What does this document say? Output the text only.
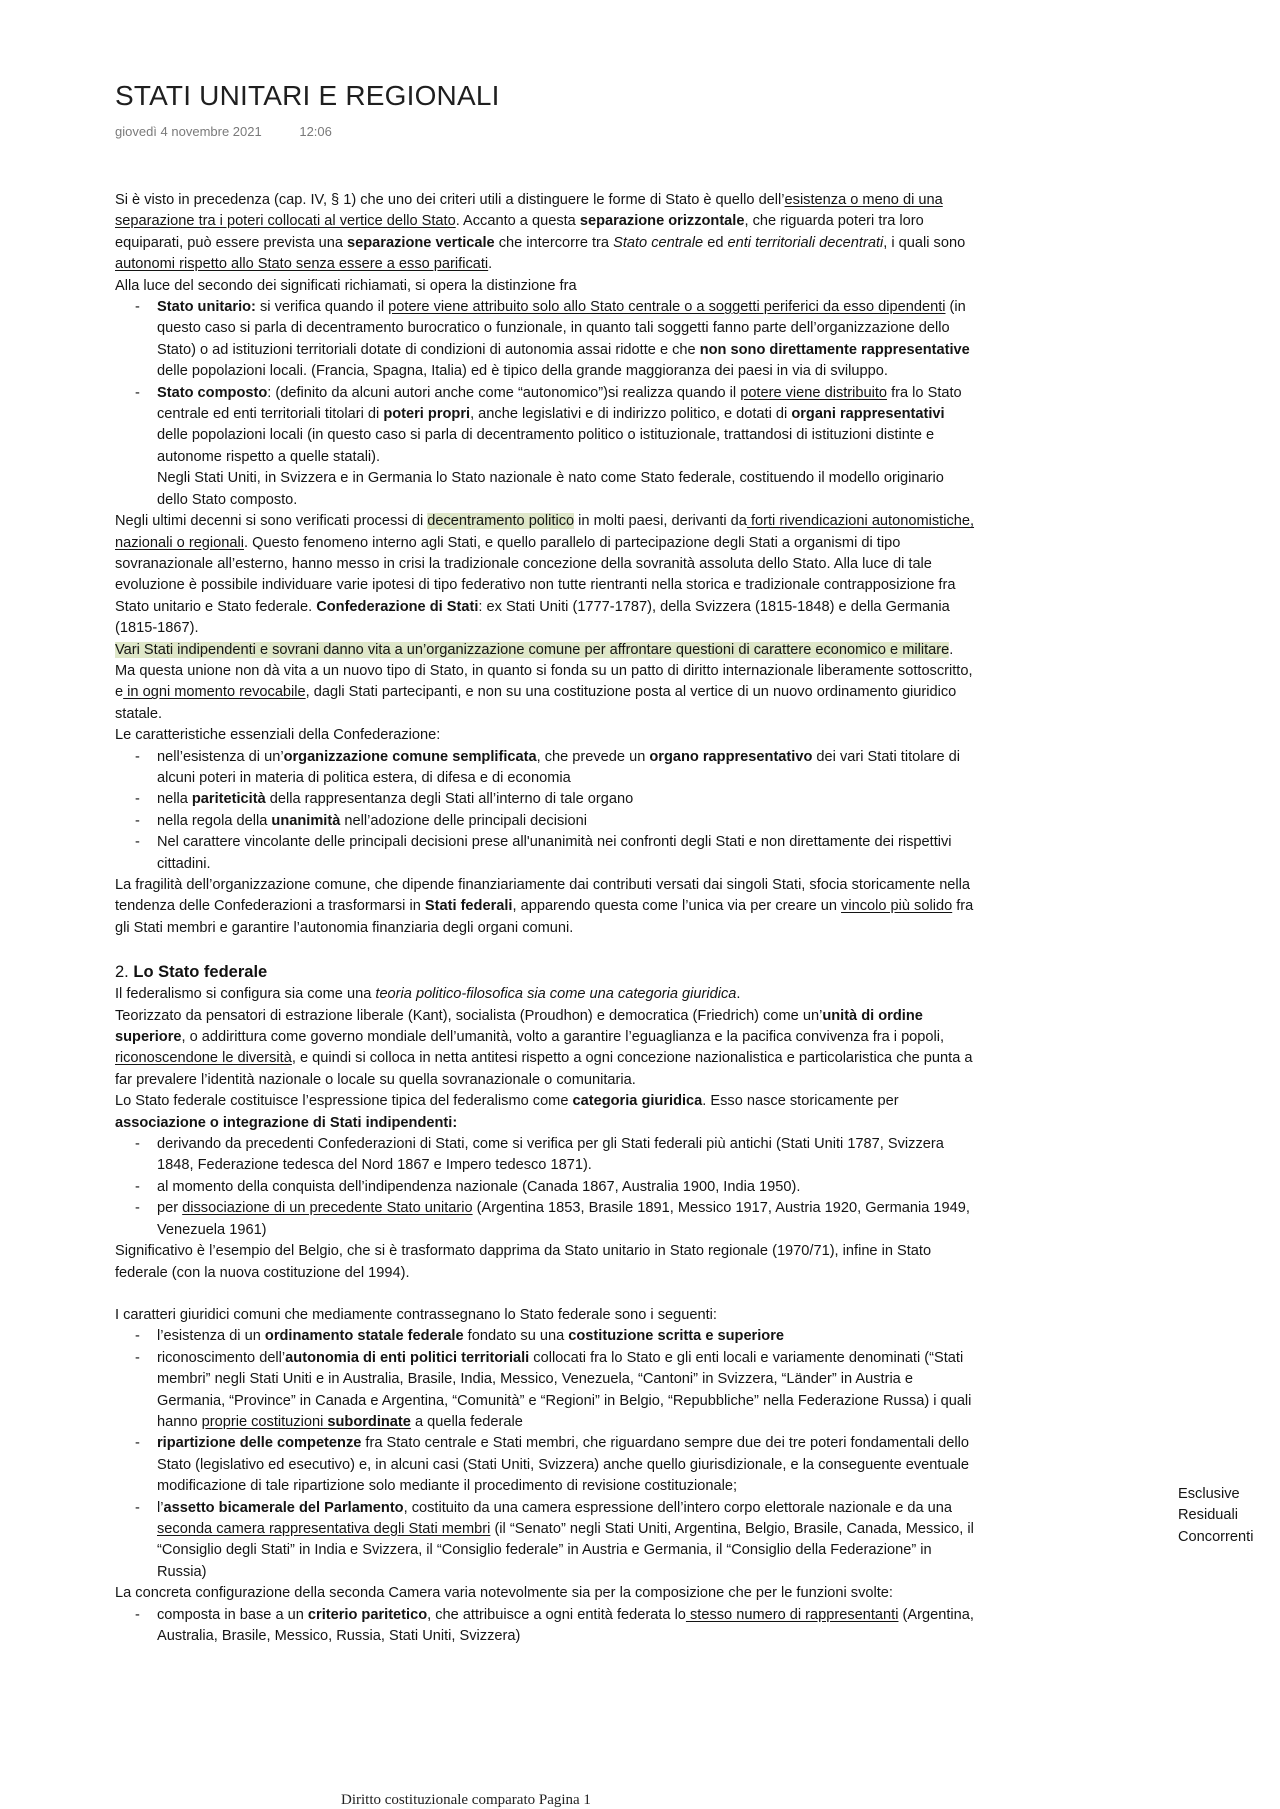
STATI UNITARI E REGIONALI
giovedì 4 novembre 2021	12:06

Si è visto in precedenza (cap. IV, § 1) che uno dei criteri utili a distinguere le forme di Stato è quello dell’esistenza o meno di una separazione tra i poteri collocati al vertice dello Stato. Accanto a questa separazione orizzontale, che riguarda poteri tra loro equiparati, può essere prevista una separazione verticale che intercorre tra Stato centrale ed enti territoriali decentrati, i quali sono autonomi rispetto allo Stato senza essere a esso parificati.

Alla luce del secondo dei significati richiamati, si opera la distinzione fra

- Stato unitario: si verifica quando il potere viene attribuito solo allo Stato centrale o a soggetti periferici da esso dipendenti (in questo caso si parla di decentramento burocratico o funzionale, in quanto tali soggetti fanno parte dell’organizzazione dello Stato) o ad istituzioni territoriali dotate di condizioni di autonomia assai ridotte e che non sono direttamente rappresentative delle popolazioni locali. (Francia, Spagna, Italia) ed è tipico della grande maggioranza dei paesi in via di sviluppo.
- Stato composto: (definito da alcuni autori anche come “autonomico”)si realizza quando il potere viene distribuito fra lo Stato centrale ed enti territoriali titolari di poteri propri, anche legislativi e di indirizzo politico, e dotati di organi rappresentativi delle popolazioni locali (in questo caso si parla di decentramento politico o istituzionale, trattandosi di istituzioni distinte e autonome rispetto a quelle statali).
Negli Stati Uniti, in Svizzera e in Germania lo Stato nazionale è nato come Stato federale, costituendo il modello originario dello Stato composto.

Negli ultimi decenni si sono verificati processi di decentramento politico in molti paesi, derivanti da forti rivendicazioni autonomistiche, nazionali o regionali. Questo fenomeno interno agli Stati, e quello parallelo di partecipazione degli Stati a organismi di tipo sovranazionale all’esterno, hanno messo in crisi la tradizionale concezione della sovranità assoluta dello Stato. Alla luce di tale evoluzione è possibile individuare varie ipotesi di tipo federativo non tutte rientranti nella storica e tradizionale contrapposizione fra Stato unitario e Stato federale. Confederazione di Stati: ex Stati Uniti (1777-1787), della Svizzera (1815-1848) e della Germania (1815-1867).

Vari Stati indipendenti e sovrani danno vita a un’organizzazione comune per affrontare questioni di carattere economico e militare. Ma questa unione non dà vita a un nuovo tipo di Stato, in quanto si fonda su un patto di diritto internazionale liberamente sottoscritto, e in ogni momento revocabile, dagli Stati partecipanti, e non su una costituzione posta al vertice di un nuovo ordinamento giuridico statale.

Le caratteristiche essenziali della Confederazione:

- nell’esistenza di un’organizzazione comune semplificata, che prevede un organo rappresentativo dei vari Stati titolare di alcuni poteri in materia di politica estera, di difesa e di economia
- nella pariteticità della rappresentanza degli Stati all’interno di tale organo
- nella regola della unanimità nell’adozione delle principali decisioni
- Nel carattere vincolante delle principali decisioni prese all'unanimità nei confronti degli Stati e non direttamente dei rispettivi cittadini.

La fragilità dell’organizzazione comune, che dipende finanziariamente dai contributi versati dai singoli Stati, sfocia storicamente nella tendenza delle Confederazioni a trasformarsi in Stati federali, apparendo questa come l’unica via per creare un vincolo più solido fra gli Stati membri e garantire l’autonomia finanziaria degli organi comuni.

2. Lo Stato federale

Il federalismo si configura sia come una teoria politico-filosofica sia come una categoria giuridica.

Teorizzato da pensatori di estrazione liberale (Kant), socialista (Proudhon) e democratica (Friedrich) come un’unità di ordine superiore, o addirittura come governo mondiale dell’umanità, volto a garantire l’eguaglianza e la pacifica convivenza fra i popoli, riconoscendone le diversità, e quindi si colloca in netta antitesi rispetto a ogni concezione nazionalistica e particolaristica che punta a far prevalere l’identità nazionale o locale su quella sovranazionale o comunitaria.

Lo Stato federale costituisce l’espressione tipica del federalismo come categoria giuridica. Esso nasce storicamente per associazione o integrazione di Stati indipendenti:

- derivando da precedenti Confederazioni di Stati, come si verifica per gli Stati federali più antichi (Stati Uniti 1787, Svizzera 1848, Federazione tedesca del Nord 1867 e Impero tedesco 1871).
- al momento della conquista dell’indipendenza nazionale (Canada 1867, Australia 1900, India 1950).
- per dissociazione di un precedente Stato unitario (Argentina 1853, Brasile 1891, Messico 1917, Austria 1920, Germania 1949, Venezuela 1961)

Significativo è l’esempio del Belgio, che si è trasformato dapprima da Stato unitario in Stato regionale (1970/71), infine in Stato federale (con la nuova costituzione del 1994).

I caratteri giuridici comuni che mediamente contrassegnano lo Stato federale sono i seguenti:

- l’esistenza di un ordinamento statale federale fondato su una costituzione scritta e superiore
- riconoscimento dell’autonomia di enti politici territoriali collocati fra lo Stato e gli enti locali e variamente denominati (“Stati membri” negli Stati Uniti e in Australia, Brasile, India, Messico, Venezuela, “Cantoni” in Svizzera, “Länder” in Austria e Germania, “Province” in Canada e Argentina, “Comunità” e “Regioni” in Belgio, “Repubbliche” nella Federazione Russa) i quali hanno proprie costituzioni subordinate a quella federale
- ripartizione delle competenze fra Stato centrale e Stati membri, che riguardano sempre due dei tre poteri fondamentali dello Stato (legislativo ed esecutivo) e, in alcuni casi (Stati Uniti, Svizzera) anche quello giurisdizionale, e la conseguente eventuale modificazione di tale ripartizione solo mediante il procedimento di revisione costituzionale;
- l’assetto bicamerale del Parlamento, costituito da una camera espressione dell’intero corpo elettorale nazionale e da una seconda camera rappresentativa degli Stati membri (il “Senato” negli Stati Uniti, Argentina, Belgio, Brasile, Canada, Messico, il “Consiglio degli Stati” in India e Svizzera, il “Consiglio federale” in Austria e Germania, il “Consiglio della Federazione” in Russia)

La concreta configurazione della seconda Camera varia notevolmente sia per la composizione che per le funzioni svolte:

- composta in base a un criterio paritetico, che attribuisce a ogni entità federata lo stesso numero di rappresentanti (Argentina, Australia, Brasile, Messico, Russia, Stati Uniti, Svizzera)
Esclusive
Residuali
Concorrenti
Diritto costituzionale comparato Pagina 1
